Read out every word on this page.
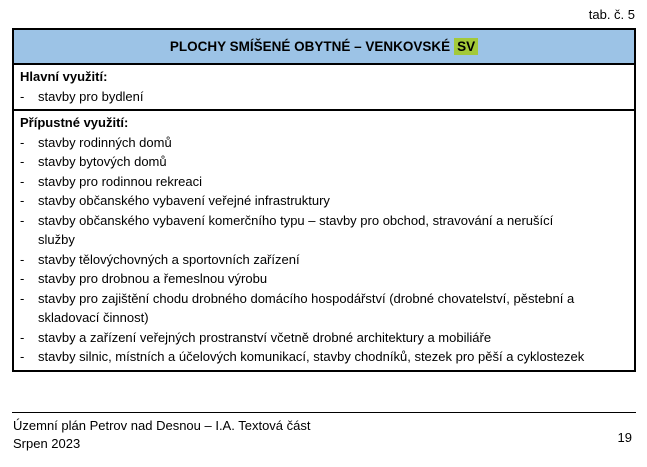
tab. č. 5
PLOCHY SMÍŠENÉ OBYTNÉ – VENKOVSKÉ SV
Hlavní využití:
-	stavby pro bydlení
Přípustné využití:
-	stavby rodinných domů
-	stavby bytových domů
-	stavby pro rodinnou rekreaci
-	stavby občanského vybavení veřejné infrastruktury
-	stavby občanského vybavení komerčního typu – stavby pro obchod, stravování a nerušící služby
-	stavby tělovýchovných a sportovních zařízení
-	stavby pro drobnou a řemeslnou výrobu
-	stavby pro zajištění chodu drobného domácího hospodářství (drobné chovatelství, pěstební a skladovací činnost)
-	stavby a zařízení veřejných prostranství včetně drobné architektury a mobiliáře
-	stavby silnic, místních a účelových komunikací, stavby chodníků, stezek pro pěší a cyklostezek
Územní plán Petrov nad Desnou – I.A. Textová část
Srpen 2023	19
